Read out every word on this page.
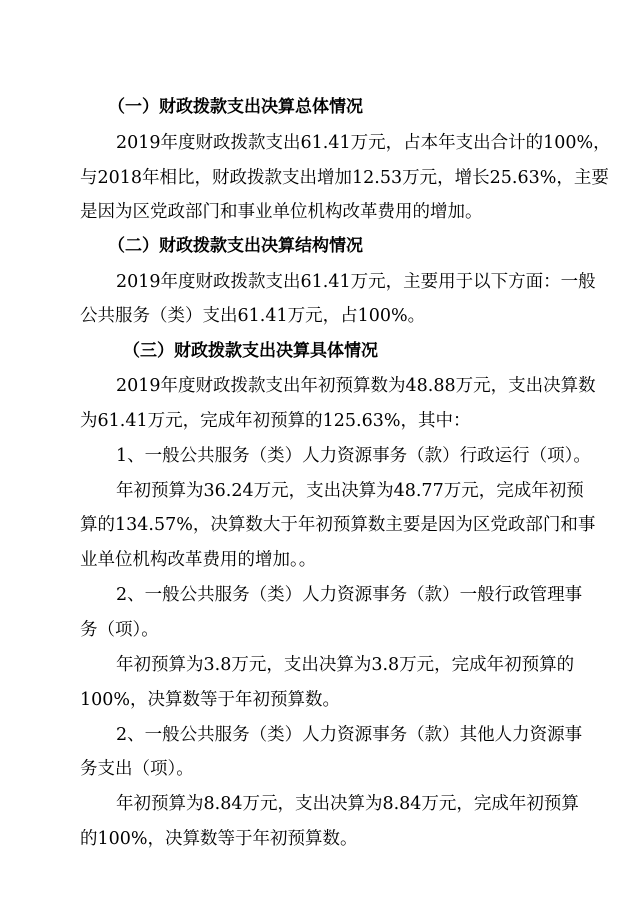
（一）财政拨款支出决算总体情况
2019年度财政拨款支出61.41万元，占本年支出合计的100%，
与2018年相比，财政拨款支出增加12.53万元，增长25.63%，主要
是因为区党政部门和事业单位机构改革费用的增加。
（二）财政拨款支出决算结构情况
2019年度财政拨款支出61.41万元，主要用于以下方面：一般
公共服务（类）支出61.41万元，占100%。
（三）财政拨款支出决算具体情况
2019年度财政拨款支出年初预算数为48.88万元，支出决算数
为61.41万元，完成年初预算的125.63%，其中：
1、一般公共服务（类）人力资源事务（款）行政运行（项）。
年初预算为36.24万元，支出决算为48.77万元，完成年初预
算的134.57%，决算数大于年初预算数主要是因为区党政部门和事
业单位机构改革费用的增加。。
2、一般公共服务（类）人力资源事务（款）一般行政管理事
务（项）。
年初预算为3.8万元，支出决算为3.8万元，完成年初预算的
100%，决算数等于年初预算数。
2、一般公共服务（类）人力资源事务（款）其他人力资源事
务支出（项）。
年初预算为8.84万元，支出决算为8.84万元，完成年初预算
的100%，决算数等于年初预算数。
